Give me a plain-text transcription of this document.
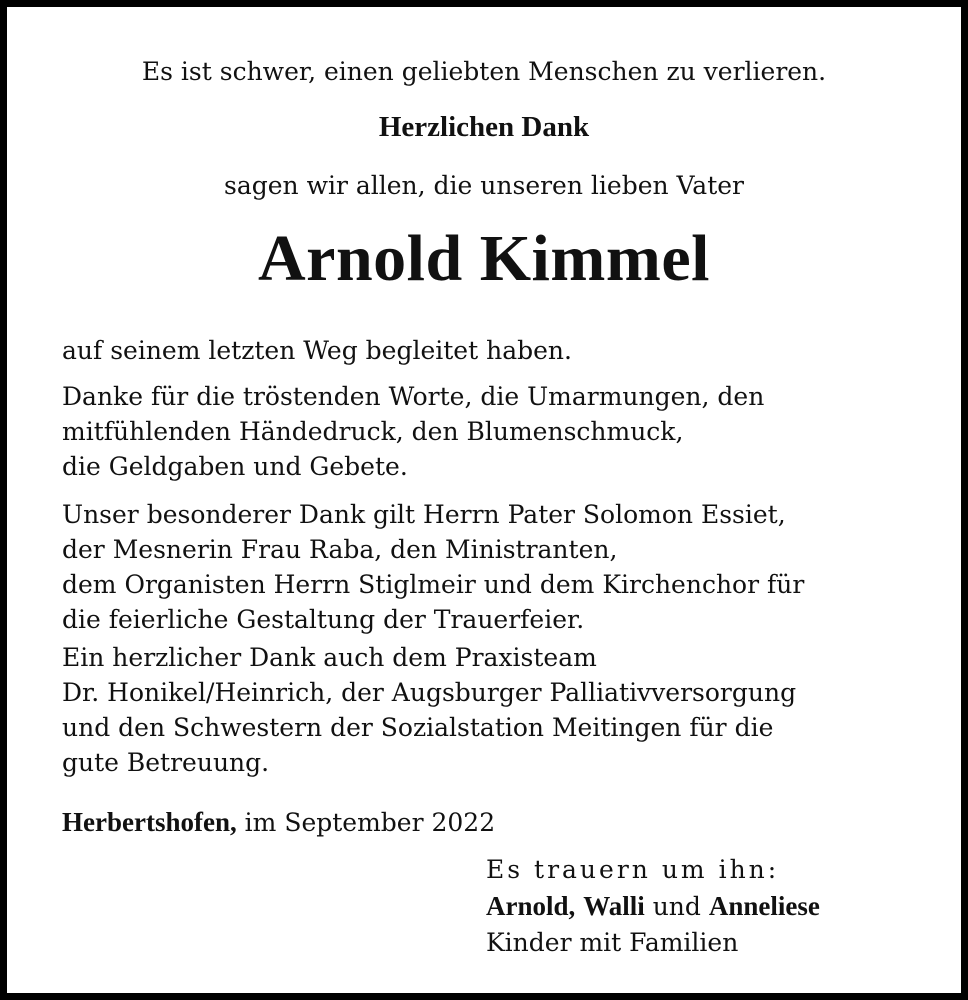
Es ist schwer, einen geliebten Menschen zu verlieren.

Herzlichen Dank

sagen wir allen, die unseren lieben Vater

Arnold Kimmel

auf seinem letzten Weg begleitet haben.
Danke für die tröstenden Worte, die Umarmungen, den
mitfühlenden Händedruck, den Blumenschmuck,
die Geldgaben und Gebete.
Unser besonderer Dank gilt Herrn Pater Solomon Essiet,
der Mesnerin Frau Raba, den Ministranten,
dem Organisten Herrn Stiglmeir und dem Kirchenchor für
die feierliche Gestaltung der Trauerfeier.
Ein herzlicher Dank auch dem Praxisteam
Dr. Honikel/Heinrich, der Augsburger Palliativversorgung
und den Schwestern der Sozialstation Meitingen für die
gute Betreuung.
Herbertshofen, im September 2022
Es trauern um ihn:
Arnold, Walli und Anneliese
Kinder mit Familien
